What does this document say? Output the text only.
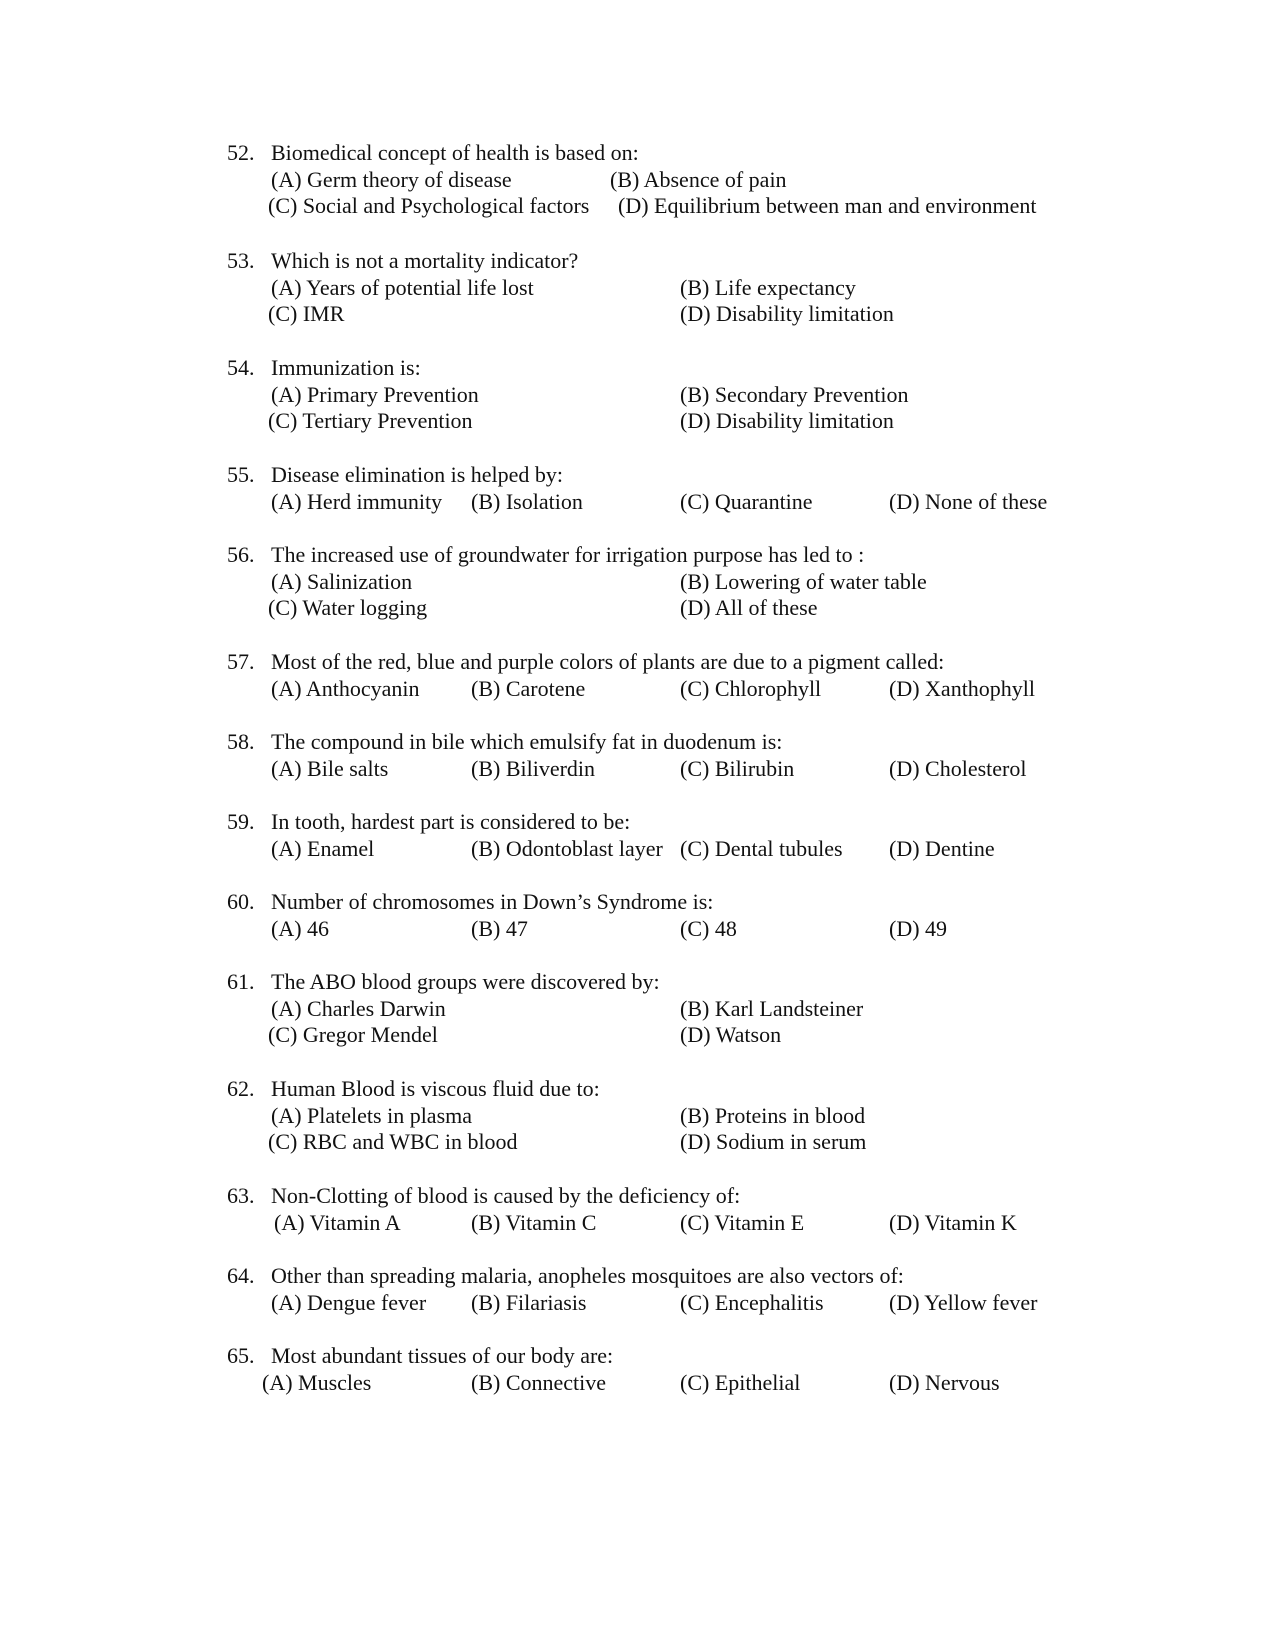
52. Biomedical concept of health is based on:
(A) Germ theory of disease	(B) Absence of pain
(C) Social and Psychological factors (D) Equilibrium between man and environment
53. Which is not a mortality indicator?
(A) Years of potential life lost	(B) Life expectancy
(C) IMR	(D) Disability limitation
54. Immunization is:
(A) Primary Prevention	(B) Secondary Prevention
(C) Tertiary Prevention	(D) Disability limitation
55. Disease elimination is helped by:
(A) Herd immunity (B) Isolation	(C) Quarantine	(D) None of these
56. The increased use of groundwater for irrigation purpose has led to :
(A) Salinization	(B) Lowering of water table
(C) Water logging	(D) All of these
57. Most of the red, blue and purple colors of plants are due to a pigment called:
(A) Anthocyanin (B) Carotene	(C) Chlorophyll	(D) Xanthophyll
58. The compound in bile which emulsify fat in duodenum is:
(A) Bile salts	(B) Biliverdin	(C) Bilirubin	(D) Cholesterol
59. In tooth, hardest part is considered to be:
(A) Enamel	(B) Odontoblast layer (C) Dental tubules (D) Dentine
60. Number of chromosomes in Down’s Syndrome is:
(A) 46	(B) 47	(C) 48	(D) 49
61. The ABO blood groups were discovered by:
(A) Charles Darwin	(B) Karl Landsteiner
(C) Gregor Mendel	(D) Watson
62. Human Blood is viscous fluid due to:
(A) Platelets in plasma	(B) Proteins in blood
(C) RBC and WBC in blood	(D) Sodium in serum
63. Non-Clotting of blood is caused by the deficiency of:
(A) Vitamin A	(B) Vitamin C	(C) Vitamin E	(D) Vitamin K
64. Other than spreading malaria, anopheles mosquitoes are also vectors of:
(A) Dengue fever (B) Filariasis	(C) Encephalitis	(D) Yellow fever
65. Most abundant tissues of our body are:
(A) Muscles	(B) Connective	(C) Epithelial	(D) Nervous
